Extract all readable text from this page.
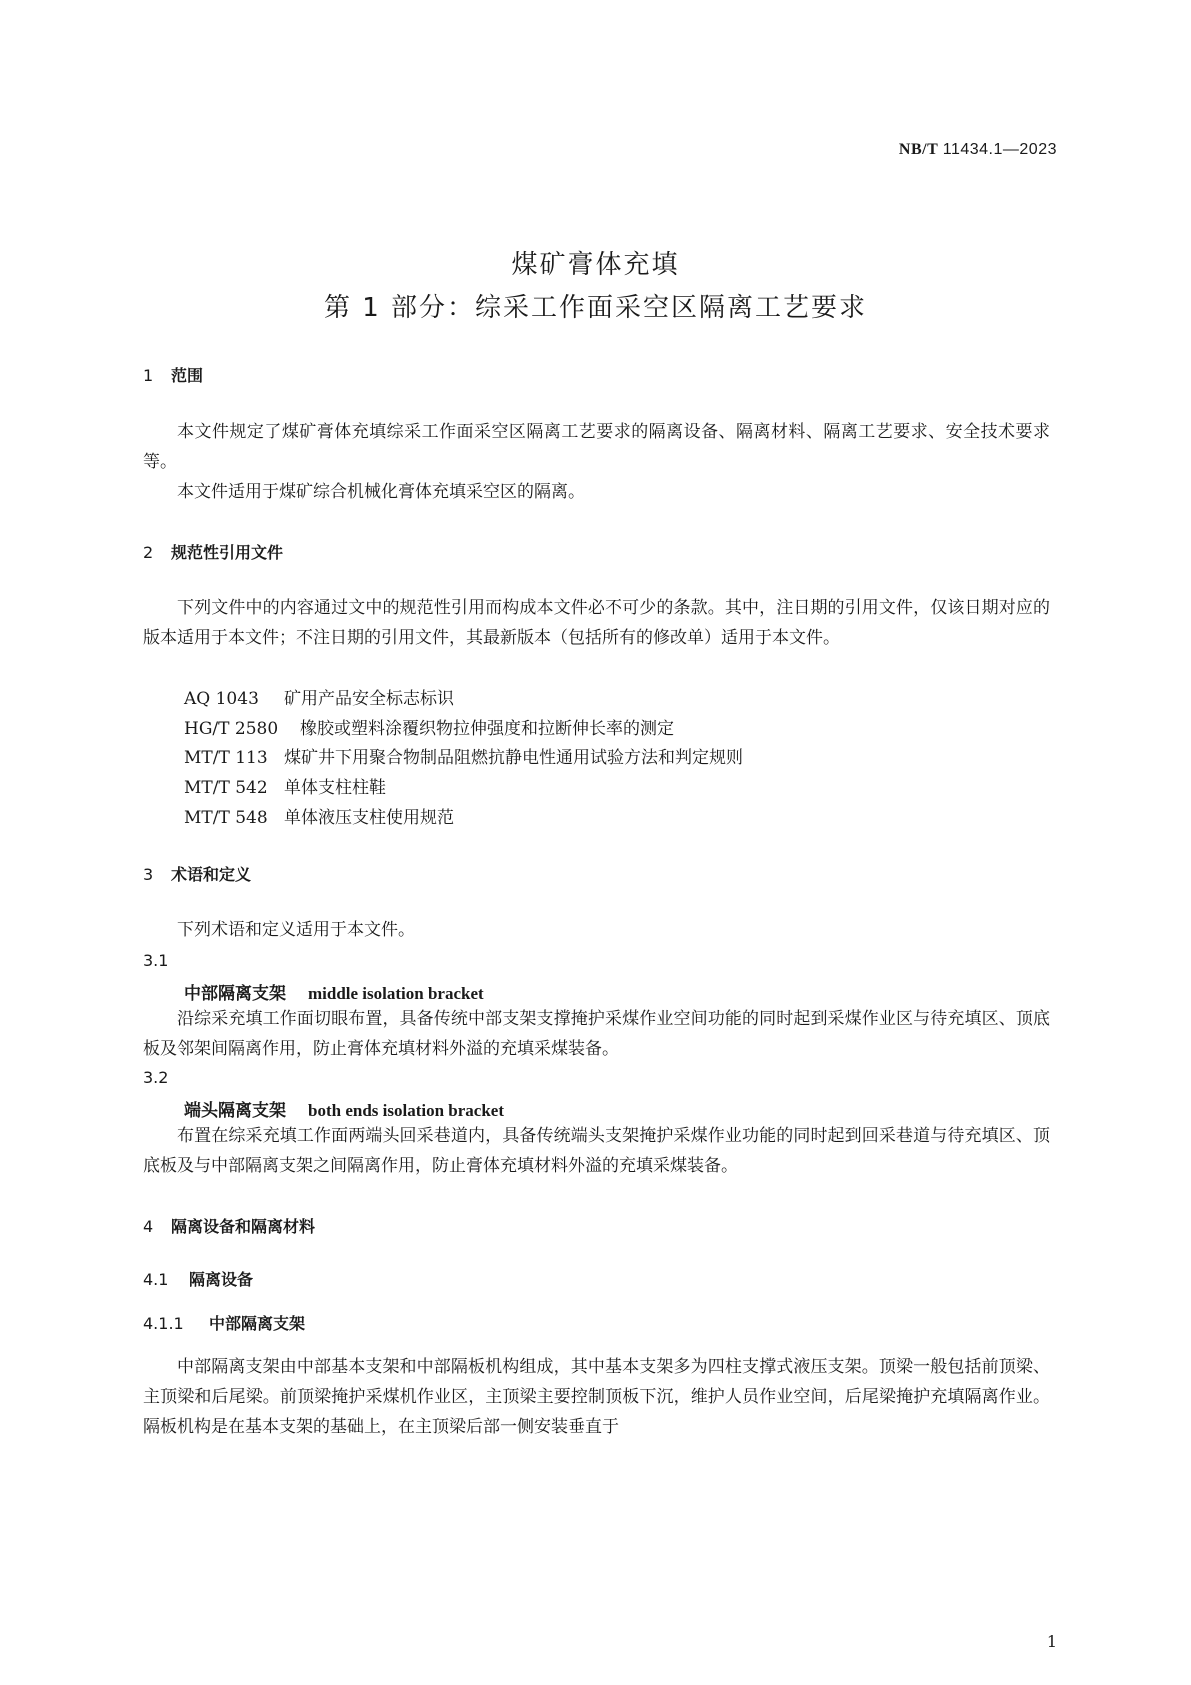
NB/T 11434.1—2023
煤矿膏体充填
第 1 部分：综采工作面采空区隔离工艺要求
1 范围

本文件规定了煤矿膏体充填综采工作面采空区隔离工艺要求的隔离设备、隔离材料、隔离工艺要求、安全技术要求等。

本文件适用于煤矿综合机械化膏体充填采空区的隔离。

2 规范性引用文件

下列文件中的内容通过文中的规范性引用而构成本文件必不可少的条款。其中，注日期的引用文件，仅该日期对应的版本适用于本文件；不注日期的引用文件，其最新版本（包括所有的修改单）适用于本文件。

AQ 1043 矿用产品安全标志标识
HG/T 2580 橡胶或塑料涂覆织物拉伸强度和拉断伸长率的测定
MT/T 113 煤矿井下用聚合物制品阻燃抗静电性通用试验方法和判定规则
MT/T 542 单体支柱柱鞋
MT/T 548 单体液压支柱使用规范
3 术语和定义

下列术语和定义适用于本文件。

3.1
中部隔离支架 middle isolation bracket

沿综采充填工作面切眼布置，具备传统中部支架支撑掩护采煤作业空间功能的同时起到采煤作业区与待充填区、顶底板及邻架间隔离作用，防止膏体充填材料外溢的充填采煤装备。

3.2
端头隔离支架 both ends isolation bracket

布置在综采充填工作面两端头回采巷道内，具备传统端头支架掩护采煤作业功能的同时起到回采巷道与待充填区、顶底板及与中部隔离支架之间隔离作用，防止膏体充填材料外溢的充填采煤装备。

4 隔离设备和隔离材料
4.1 隔离设备
4.1.1 中部隔离支架

中部隔离支架由中部基本支架和中部隔板机构组成，其中基本支架多为四柱支撑式液压支架。顶梁一般包括前顶梁、主顶梁和后尾梁。前顶梁掩护采煤机作业区，主顶梁主要控制顶板下沉，维护人员作业空间，后尾梁掩护充填隔离作业。隔板机构是在基本支架的基础上，在主顶梁后部一侧安装垂直于

1
